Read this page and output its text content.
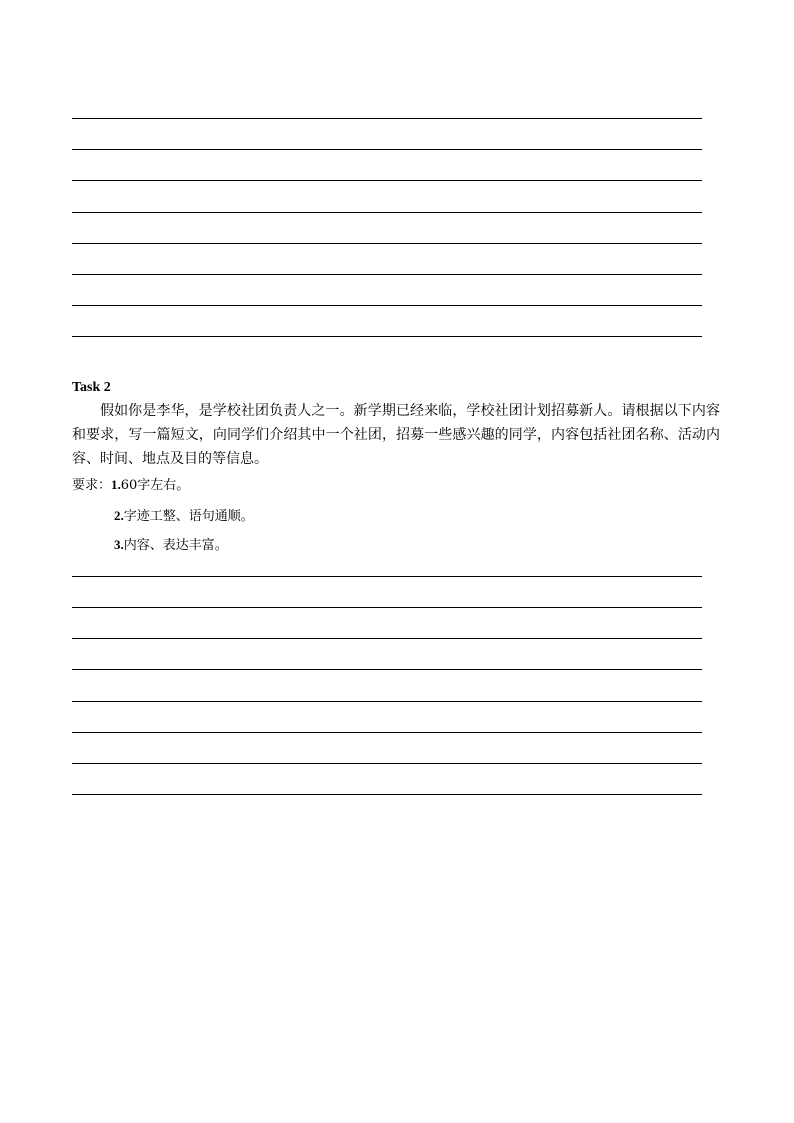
Task 2
假如你是李华，是学校社团负责人之一。新学期已经来临，学校社团计划招募新人。请根据以下内容和要求，写一篇短文，向同学们介绍其中一个社团，招募一些感兴趣的同学，内容包括社团名称、活动内容、时间、地点及目的等信息。
要求：1.60字左右。
2.字迹工整、语句通顺。
3.内容、表达丰富。
